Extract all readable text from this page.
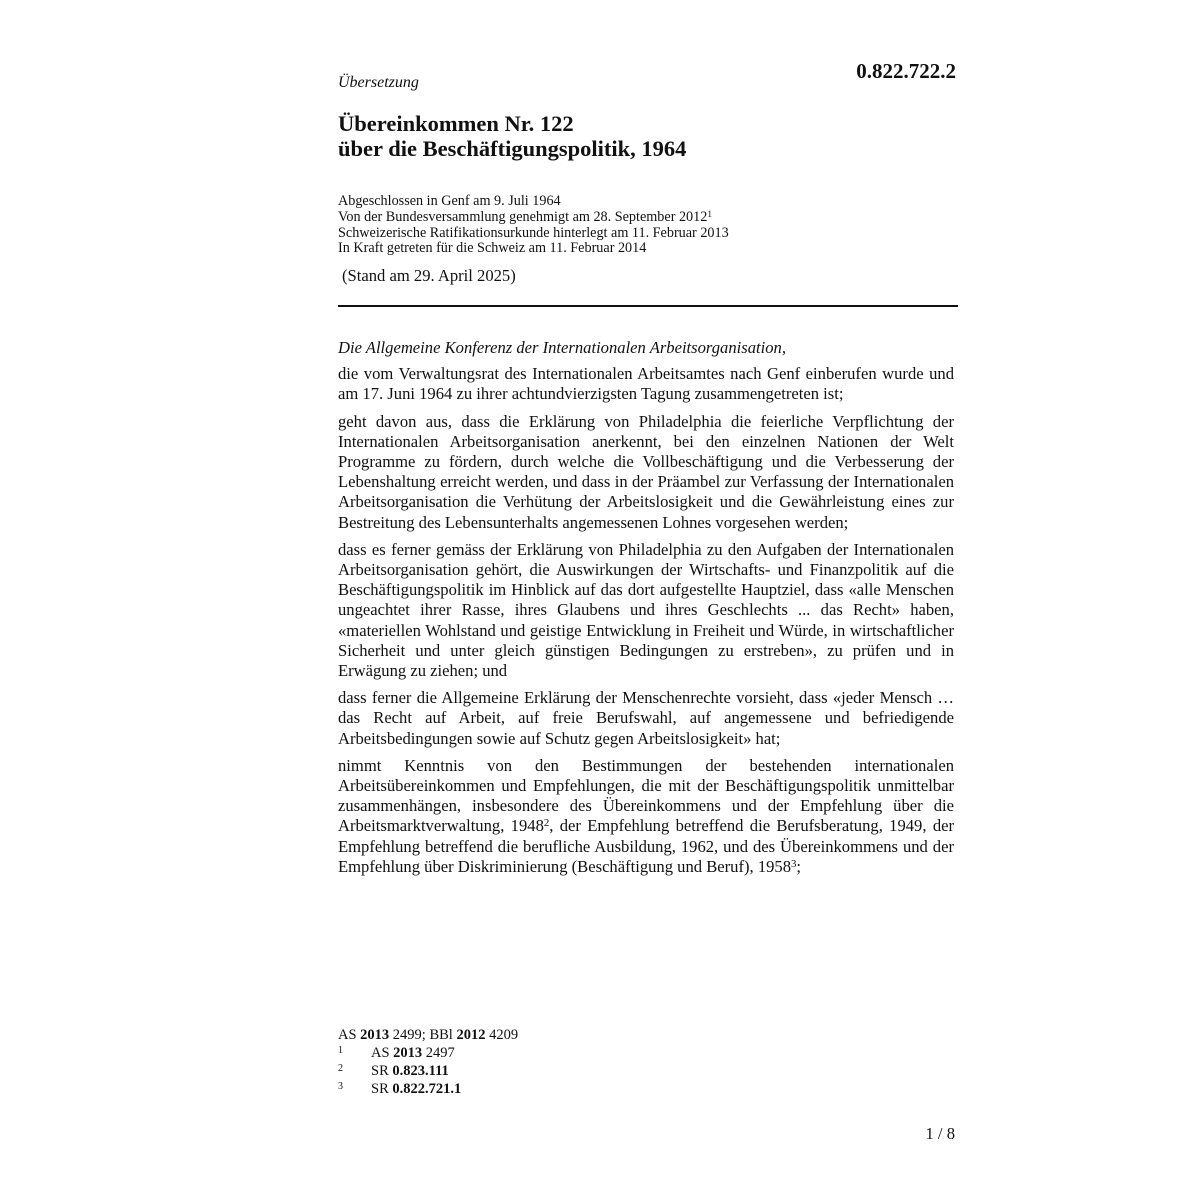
Übersetzung	0.822.722.2
Übereinkommen Nr. 122
über die Beschäftigungspolitik, 1964
Abgeschlossen in Genf am 9. Juli 1964
Von der Bundesversammlung genehmigt am 28. September 2012$^1$
Schweizerische Ratifikationsurkunde hinterlegt am 11. Februar 2013
In Kraft getreten für die Schweiz am 11. Februar 2014
(Stand am 29. April 2025)

Die Allgemeine Konferenz der Internationalen Arbeitsorganisation,

die vom Verwaltungsrat des Internationalen Arbeitsamtes nach Genf einberufen wurde und am 17. Juni 1964 zu ihrer achtundvierzigsten Tagung zusammengetreten ist;

geht davon aus, dass die Erklärung von Philadelphia die feierliche Verpflichtung der Internationalen Arbeitsorganisation anerkennt, bei den einzelnen Nationen der Welt Programme zu fördern, durch welche die Vollbeschäftigung und die Verbesserung der Lebenshaltung erreicht werden, und dass in der Präambel zur Verfassung der Internationalen Arbeitsorganisation die Verhütung der Arbeitslosigkeit und die Gewährleistung eines zur Bestreitung des Lebensunterhalts angemessenen Lohnes vorgesehen werden;

dass es ferner gemäss der Erklärung von Philadelphia zu den Aufgaben der Internationalen Arbeitsorganisation gehört, die Auswirkungen der Wirtschafts- und Finanzpolitik auf die Beschäftigungspolitik im Hinblick auf das dort aufgestellte Hauptziel, dass «alle Menschen ungeachtet ihrer Rasse, ihres Glaubens und ihres Geschlechts ... das Recht» haben, «materiellen Wohlstand und geistige Entwicklung in Freiheit und Würde, in wirtschaftlicher Sicherheit und unter gleich günstigen Bedingungen zu erstreben», zu prüfen und in Erwägung zu ziehen; und

dass ferner die Allgemeine Erklärung der Menschenrechte vorsieht, dass «jeder Mensch … das Recht auf Arbeit, auf freie Berufswahl, auf angemessene und befriedigende Arbeitsbedingungen sowie auf Schutz gegen Arbeitslosigkeit» hat;

nimmt Kenntnis von den Bestimmungen der bestehenden internationalen Arbeitsübereinkommen und Empfehlungen, die mit der Beschäftigungspolitik unmittelbar zusammenhängen, insbesondere des Übereinkommens und der Empfehlung über die Arbeitsmarktverwaltung, 1948$^2$, der Empfehlung betreffend die Berufsberatung, 1949, der Empfehlung betreffend die berufliche Ausbildung, 1962, und des Übereinkommens und der Empfehlung über Diskriminierung (Beschäftigung und Beruf), 1958$^3$;

AS 2013 2499; BBl 2012 4209
1	AS 2013 2497
2	SR 0.823.111
3	SR 0.822.721.1
1 / 8
